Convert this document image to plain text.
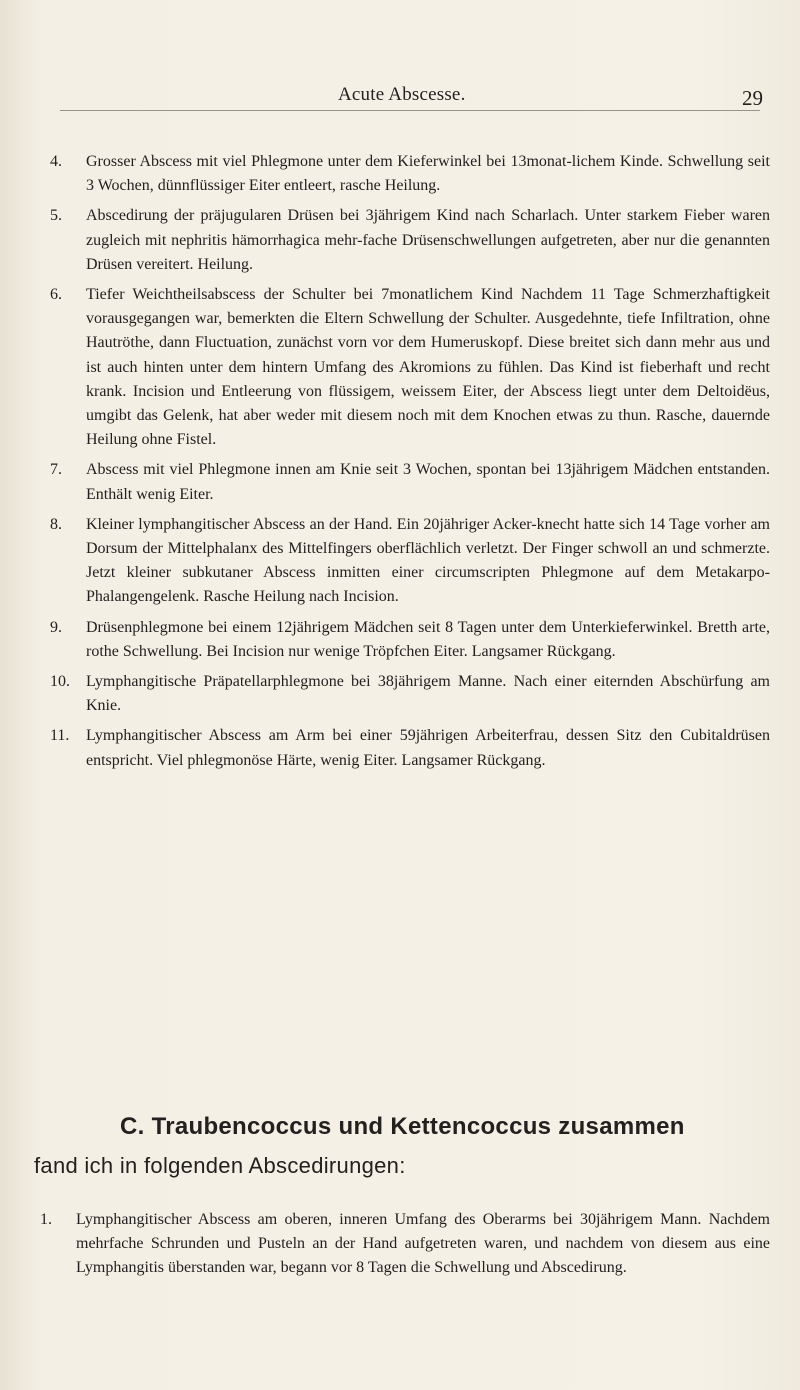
Acute Abscesse.	29
4.	Grosser Abscess mit viel Phlegmone unter dem Kieferwinkel bei 13monat-lichem Kinde. Schwellung seit 3 Wochen, dünnflüssiger Eiter entleert, rasche Heilung.
5.	Abscedirung der präjugularen Drüsen bei 3jährigem Kind nach Scharlach. Unter starkem Fieber waren zugleich mit nephritis hämorrhagica mehr-fache Drüsenschwellungen aufgetreten, aber nur die genannten Drüsen vereitert. Heilung.
6.	Tiefer Weichtheilsabscess der Schulter bei 7monatlichem Kind Nachdem 11 Tage Schmerzhaftigkeit vorausgegangen war, bemerkten die Eltern Schwellung der Schulter. Ausgedehnte, tiefe Infiltration, ohne Hautröthe, dann Fluctuation, zunächst vorn vor dem Humeruskopf. Diese breitet sich dann mehr aus und ist auch hinten unter dem hintern Umfang des Akromions zu fühlen. Das Kind ist fieberhaft und recht krank. Incision und Entleerung von flüssigem, weissem Eiter, der Abscess liegt unter dem Deltoidëus, umgibt das Gelenk, hat aber weder mit diesem noch mit dem Knochen etwas zu thun. Rasche, dauernde Heilung ohne Fistel.
7.	Abscess mit viel Phlegmone innen am Knie seit 3 Wochen, spontan bei 13jährigem Mädchen entstanden. Enthält wenig Eiter.
8.	Kleiner lymphangitischer Abscess an der Hand. Ein 20jähriger Acker-knecht hatte sich 14 Tage vorher am Dorsum der Mittelphalanx des Mittelfingers oberflächlich verletzt. Der Finger schwoll an und schmerzte. Jetzt kleiner subkutaner Abscess inmitten einer circumscripten Phlegmone auf dem Metakarpo-Phalangengelenk. Rasche Heilung nach Incision.
9.	Drüsenphlegmone bei einem 12jährigem Mädchen seit 8 Tagen unter dem Unterkieferwinkel. Bretth arte, rothe Schwellung. Bei Incision nur wenige Tröpfchen Eiter. Langsamer Rückgang.
10.	Lymphangitische Präpatellarphlegmone bei 38jährigem Manne. Nach einer eiternden Abschürfung am Knie.
11.	Lymphangitischer Abscess am Arm bei einer 59jährigen Arbeiterfrau, dessen Sitz den Cubitaldrüsen entspricht. Viel phlegmonöse Härte, wenig Eiter. Langsamer Rückgang.
C. Traubencoccus und Kettencoccus zusammen
fand ich in folgenden Abscedirungen:
1.	Lymphangitischer Abscess am oberen, inneren Umfang des Oberarms bei 30jährigem Mann. Nachdem mehrfache Schrunden und Pusteln an der Hand aufgetreten waren, und nachdem von diesem aus eine Lymphangitis überstanden war, begann vor 8 Tagen die Schwellung und Abscedirung.
